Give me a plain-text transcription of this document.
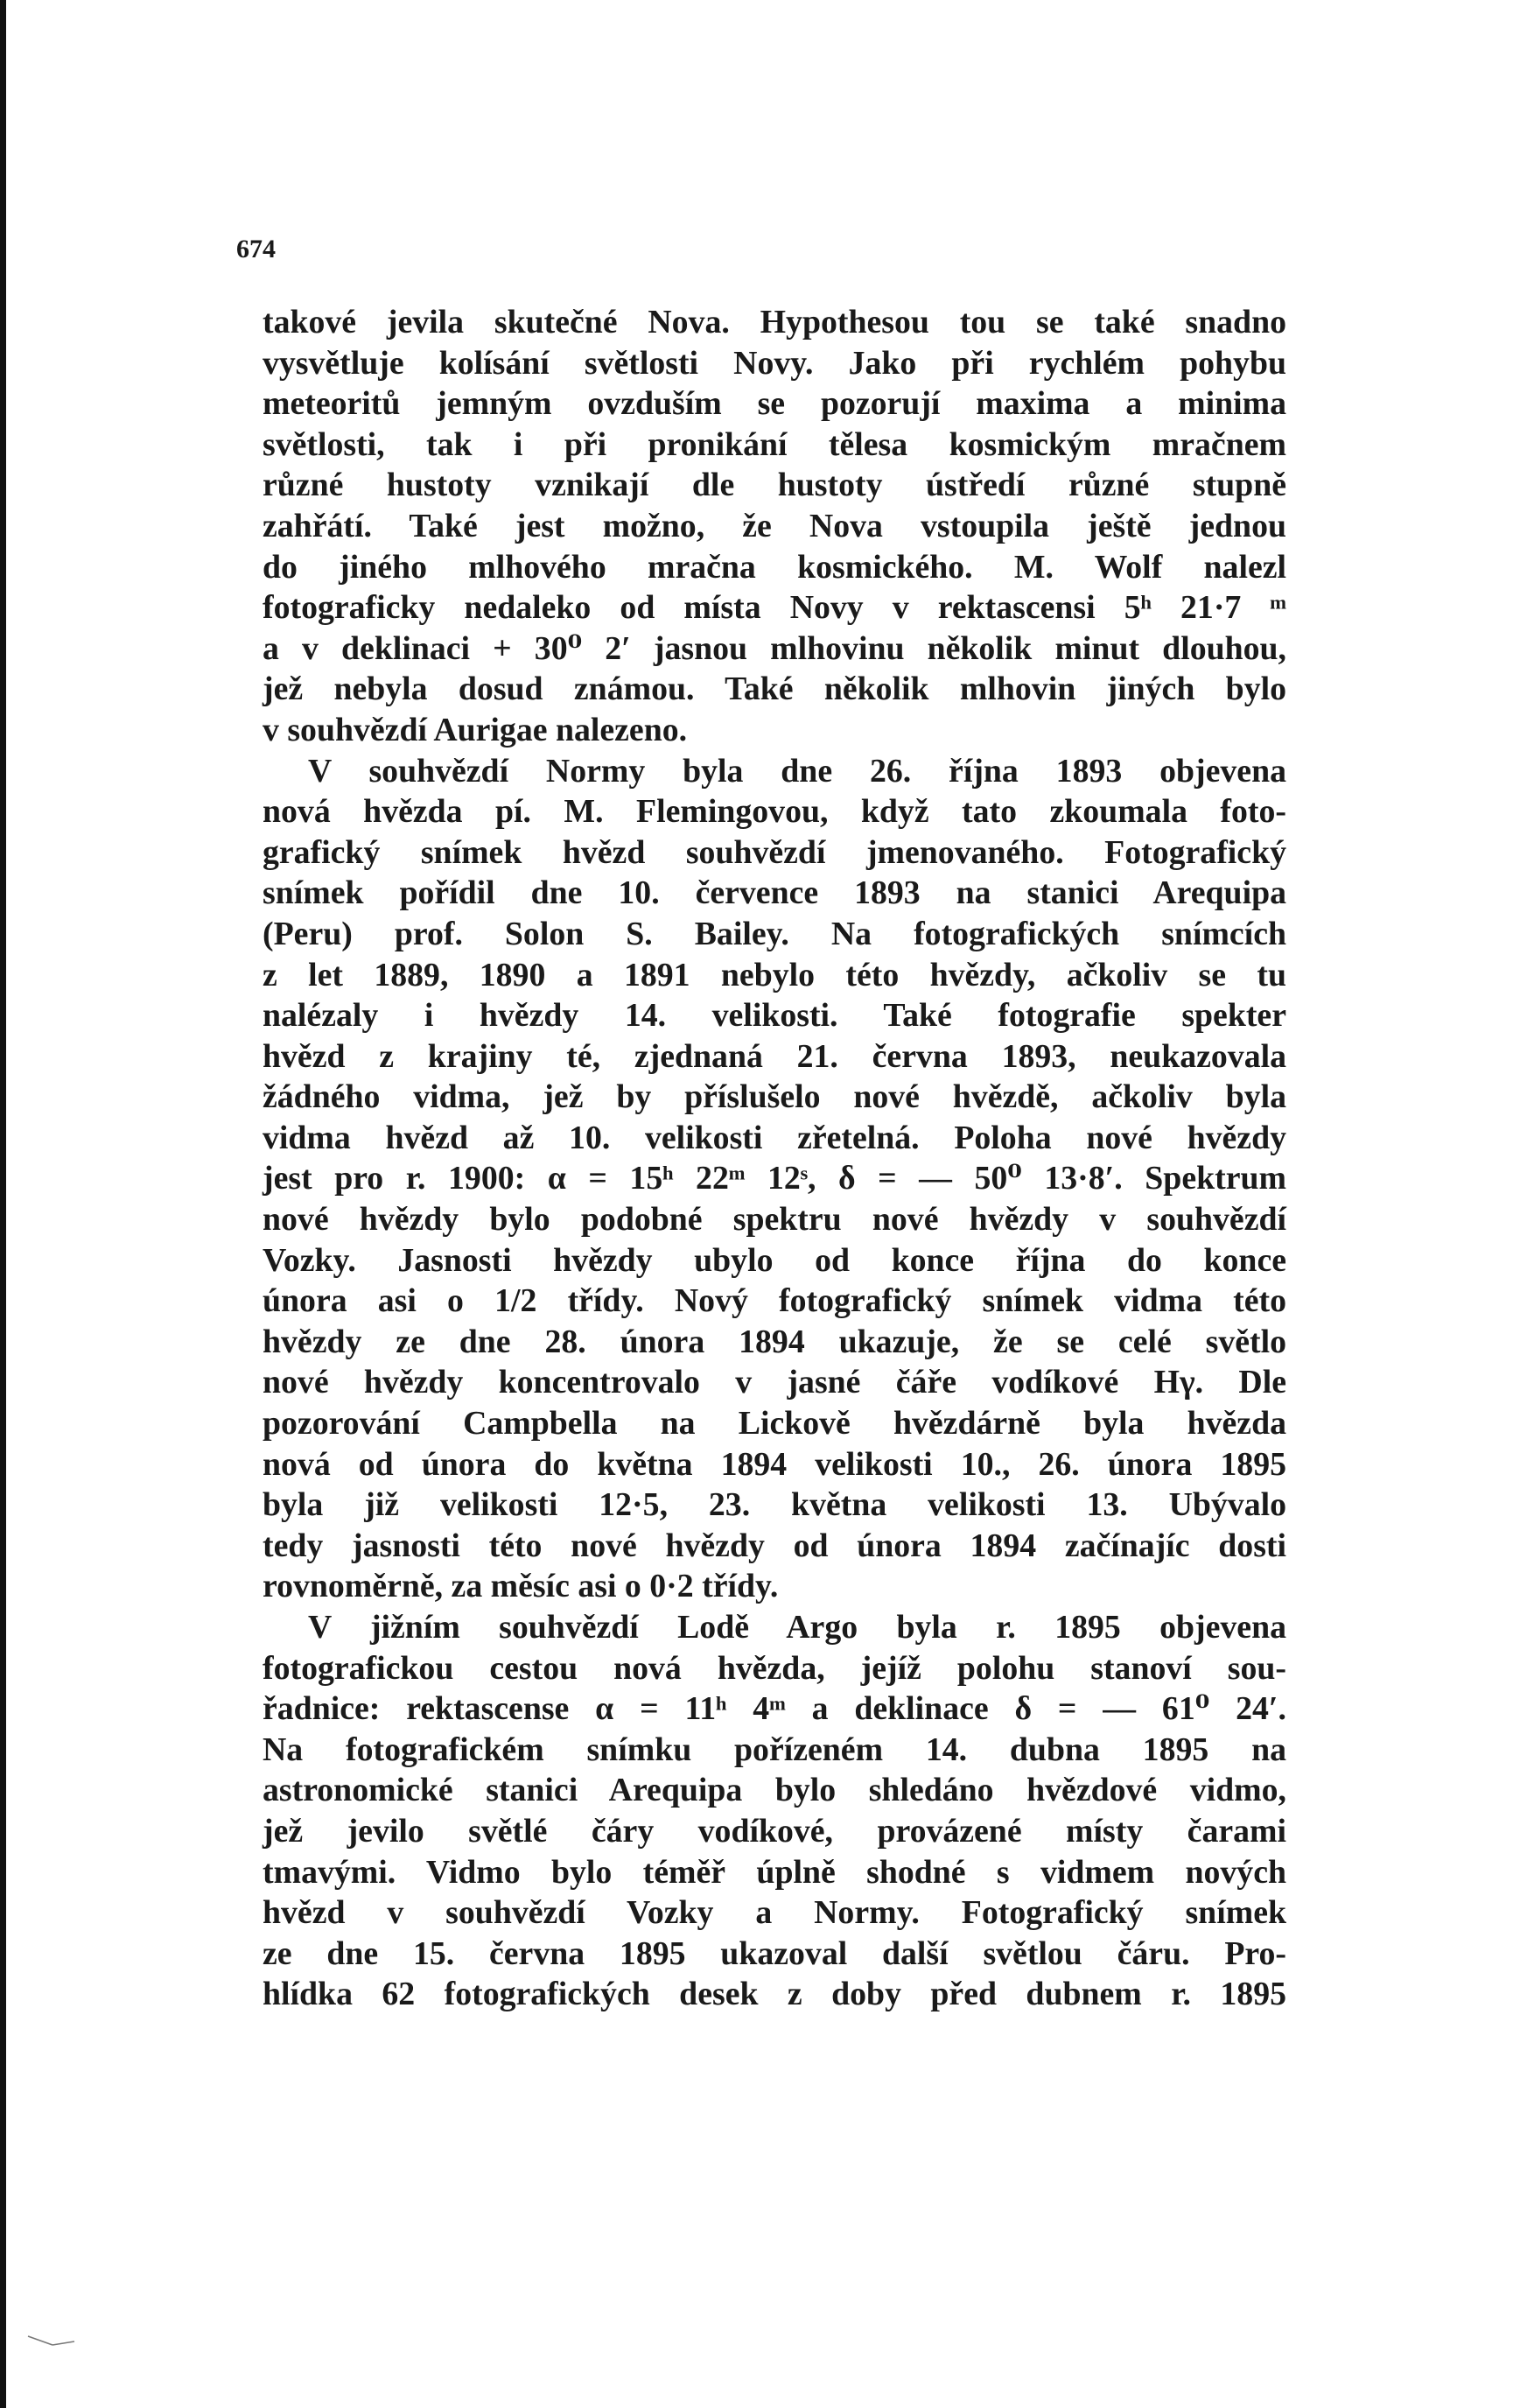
674
takové jevila skutečné Nova. Hypothesou tou se také snadno
vysvětluje kolísání světlosti Novy. Jako při rychlém pohybu
meteoritů jemným ovzduším se pozorují maxima a minima
světlosti, tak i při pronikání tělesa kosmickým mračnem
různé hustoty vznikají dle hustoty ústředí různé stupně
zahřátí. Také jest možno, že Nova vstoupila ještě jednou
do jiného mlhového mračna kosmického. M. Wolf nalezl
fotograficky nedaleko od místa Novy v rektascensi 5ʰ 21·7 ᵐ
a v deklinaci + 30⁰ 2′ jasnou mlhovinu několik minut dlouhou,
jež nebyla dosud známou. Také několik mlhovin jiných bylo
v souhvězdí Aurigae nalezeno.
V souhvězdí Normy byla dne 26. října 1893 objevena
nová hvězda pí. M. Flemingovou, když tato zkoumala foto-
grafický snímek hvězd souhvězdí jmenovaného. Fotografický
snímek pořídil dne 10. července 1893 na stanici Arequipa
(Peru) prof. Solon S. Bailey. Na fotografických snímcích
z let 1889, 1890 a 1891 nebylo této hvězdy, ačkoliv se tu
nalézaly i hvězdy 14. velikosti. Také fotografie spekter
hvězd z krajiny té, zjednaná 21. června 1893, neukazovala
žádného vidma, jež by příslušelo nové hvězdě, ačkoliv byla
vidma hvězd až 10. velikosti zřetelná. Poloha nové hvězdy
jest pro r. 1900: α = 15ʰ 22ᵐ 12ˢ, δ = — 50⁰ 13·8′. Spektrum
nové hvězdy bylo podobné spektru nové hvězdy v souhvězdí
Vozky. Jasnosti hvězdy ubylo od konce října do konce
února asi o 1/2 třídy. Nový fotografický snímek vidma této
hvězdy ze dne 28. února 1894 ukazuje, že se celé světlo
nové hvězdy koncentrovalo v jasné čáře vodíkové Hγ. Dle
pozorování Campbella na Lickově hvězdárně byla hvězda
nová od února do května 1894 velikosti 10., 26. února 1895
byla již velikosti 12·5, 23. května velikosti 13. Ubývalo
tedy jasnosti této nové hvězdy od února 1894 začínajíc dosti
rovnoměrně, za měsíc asi o 0·2 třídy.
V jižním souhvězdí Lodě Argo byla r. 1895 objevena
fotografickou cestou nová hvězda, jejíž polohu stanoví sou-
řadnice: rektascense α = 11ʰ 4ᵐ a deklinace δ = — 61⁰ 24′.
Na fotografickém snímku pořízeném 14. dubna 1895 na
astronomické stanici Arequipa bylo shledáno hvězdové vidmo,
jež jevilo světlé čáry vodíkové, provázené místy čarami
tmavými. Vidmo bylo téměř úplně shodné s vidmem nových
hvězd v souhvězdí Vozky a Normy. Fotografický snímek
ze dne 15. června 1895 ukazoval další světlou čáru. Pro-
hlídka 62 fotografických desek z doby před dubnem r. 1895
